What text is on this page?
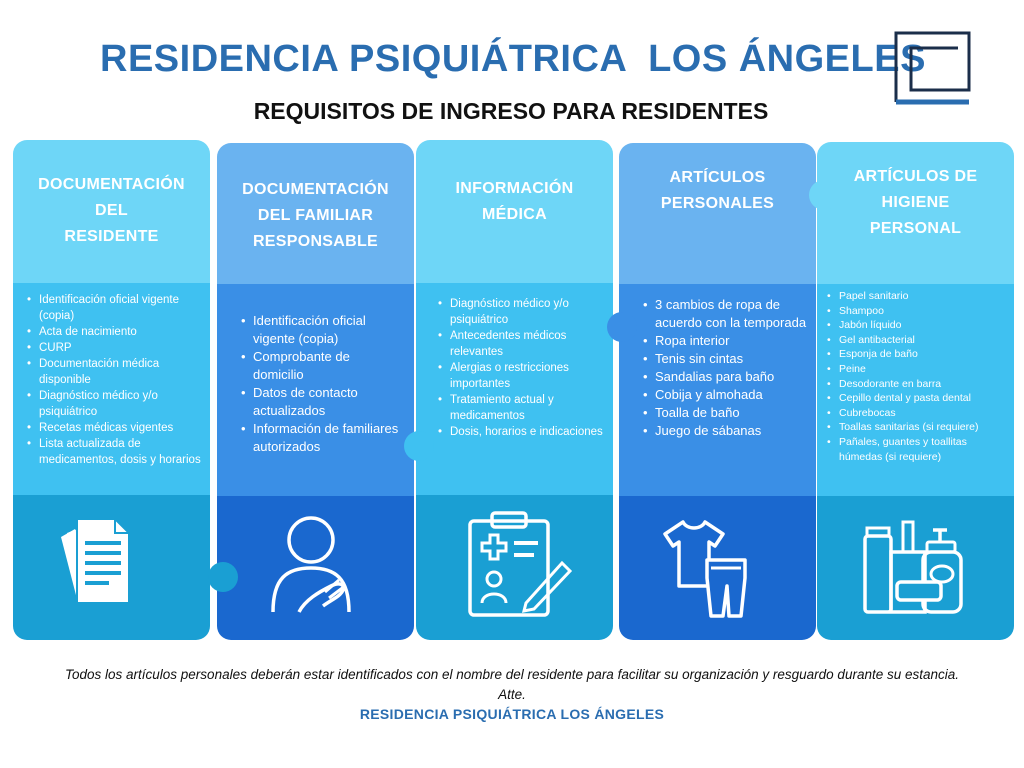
RESIDENCIA PSIQUIÁTRICA  LOS ÁNGELES
REQUISITOS DE INGRESO PARA RESIDENTES
DOCUMENTACIÓN
DEL
RESIDENTE
• Identificación oficial vigente (copia)
• Acta de nacimiento
• CURP
• Documentación médica disponible
• Diagnóstico médico y/o psiquiátrico
• Recetas médicas vigentes
• Lista actualizada de medicamentos, dosis y horarios
DOCUMENTACIÓN
DEL FAMILIAR
RESPONSABLE
• Identificación oficial vigente (copia)
• Comprobante de domicilio
• Datos de contacto actualizados
• Información de familiares autorizados
INFORMACIÓN
MÉDICA
• Diagnóstico médico y/o psiquiátrico
• Antecedentes médicos relevantes
• Alergias o restricciones importantes
• Tratamiento actual y medicamentos
• Dosis, horarios e indicaciones
ARTÍCULOS
PERSONALES
• 3 cambios de ropa de acuerdo con la temporada
• Ropa interior
• Tenis sin cintas
• Sandalias para baño
• Cobija y almohada
• Toalla de baño
• Juego de sábanas
ARTÍCULOS DE
HIGIENE
PERSONAL
• Papel sanitario
• Shampoo
• Jabón líquido
• Gel antibacterial
• Esponja de baño
• Peine
• Desodorante en barra
• Cepillo dental y pasta dental
• Cubrebocas
• Toallas sanitarias (si requiere)
• Pañales, guantes y toallitas húmedas (si requiere)
Todos los artículos personales deberán estar identificados con el nombre del residente para facilitar su organización y resguardo durante su estancia.
Atte.
RESIDENCIA PSIQUIÁTRICA LOS ÁNGELES
